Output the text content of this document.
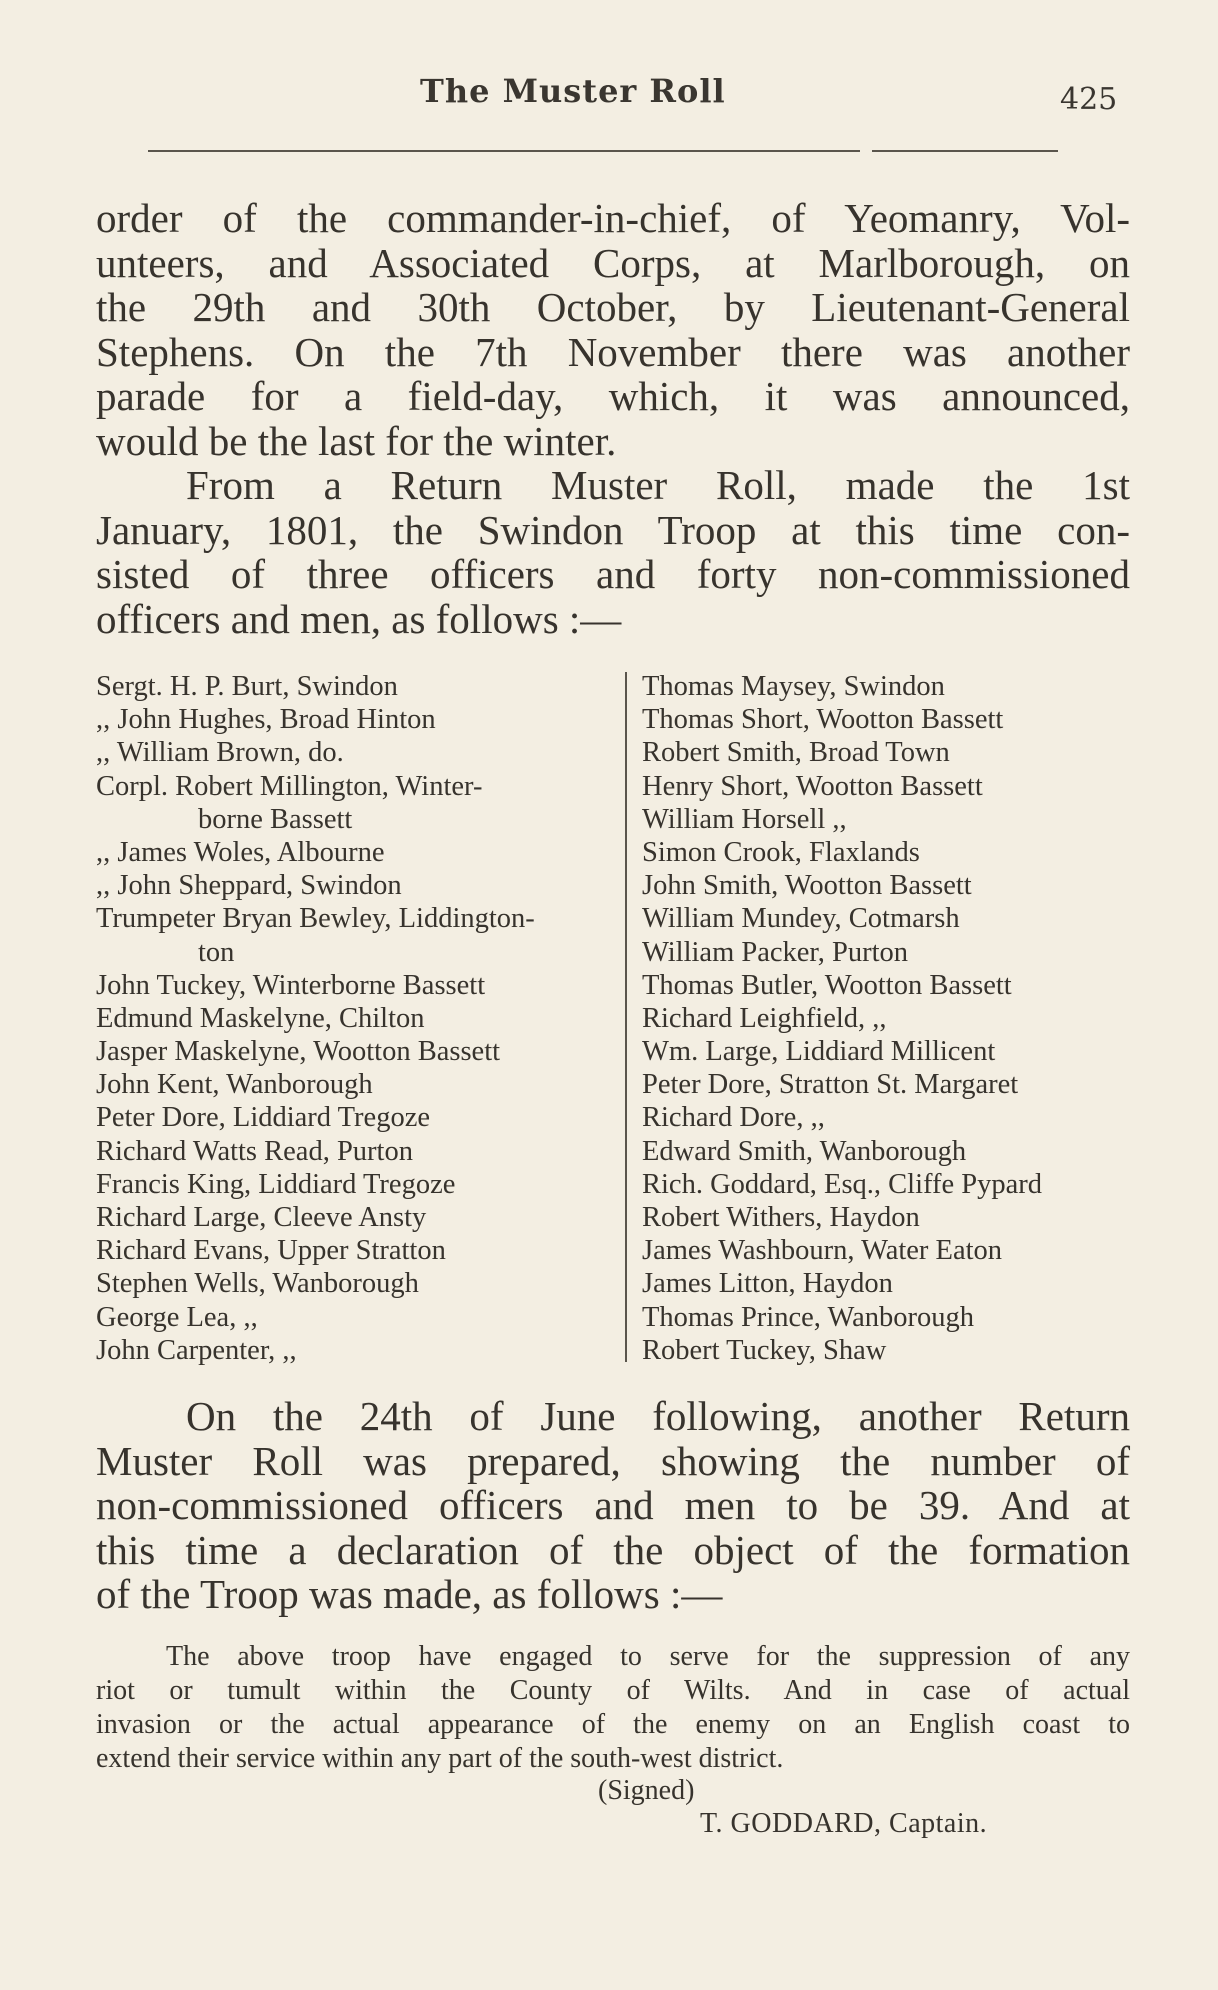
The Muster Roll	425
order of the commander-in-chief, of Yeomanry, Vol-
unteers, and Associated Corps, at Marlborough, on
the 29th and 30th October, by Lieutenant-General
Stephens. On the 7th November there was another
parade for a field-day, which, it was announced,
would be the last for the winter.
From a Return Muster Roll, made the 1st
January, 1801, the Swindon Troop at this time con-
sisted of three officers and forty non-commissioned
officers and men, as follows :—
Sergt. H. P. Burt, Swindon
,, John Hughes, Broad Hinton
,, William Brown, do.
Corpl. Robert Millington, Winter-
borne Bassett
,, James Woles, Albourne
,, John Sheppard, Swindon
Trumpeter Bryan Bewley, Liddington-
ton
John Tuckey, Winterborne Bassett
Edmund Maskelyne, Chilton
Jasper Maskelyne, Wootton Bassett
John Kent, Wanborough
Peter Dore, Liddiard Tregoze
Richard Watts Read, Purton
Francis King, Liddiard Tregoze
Richard Large, Cleeve Ansty
Richard Evans, Upper Stratton
Stephen Wells, Wanborough
George Lea, ,,
John Carpenter, ,,
Thomas Maysey, Swindon
Thomas Short, Wootton Bassett
Robert Smith, Broad Town
Henry Short, Wootton Bassett
William Horsell ,,
Simon Crook, Flaxlands
John Smith, Wootton Bassett
William Mundey, Cotmarsh
William Packer, Purton
Thomas Butler, Wootton Bassett
Richard Leighfield, ,,
Wm. Large, Liddiard Millicent
Peter Dore, Stratton St. Margaret
Richard Dore, ,,
Edward Smith, Wanborough
Rich. Goddard, Esq., Cliffe Pypard
Robert Withers, Haydon
James Washbourn, Water Eaton
James Litton, Haydon
Thomas Prince, Wanborough
Robert Tuckey, Shaw
On the 24th of June following, another Return
Muster Roll was prepared, showing the number of
non-commissioned officers and men to be 39. And at
this time a declaration of the object of the formation
of the Troop was made, as follows :—
The above troop have engaged to serve for the suppression of any
riot or tumult within the County of Wilts. And in case of actual
invasion or the actual appearance of the enemy on an English coast to
extend their service within any part of the south-west district.
(Signed)
T. GODDARD, Captain.
